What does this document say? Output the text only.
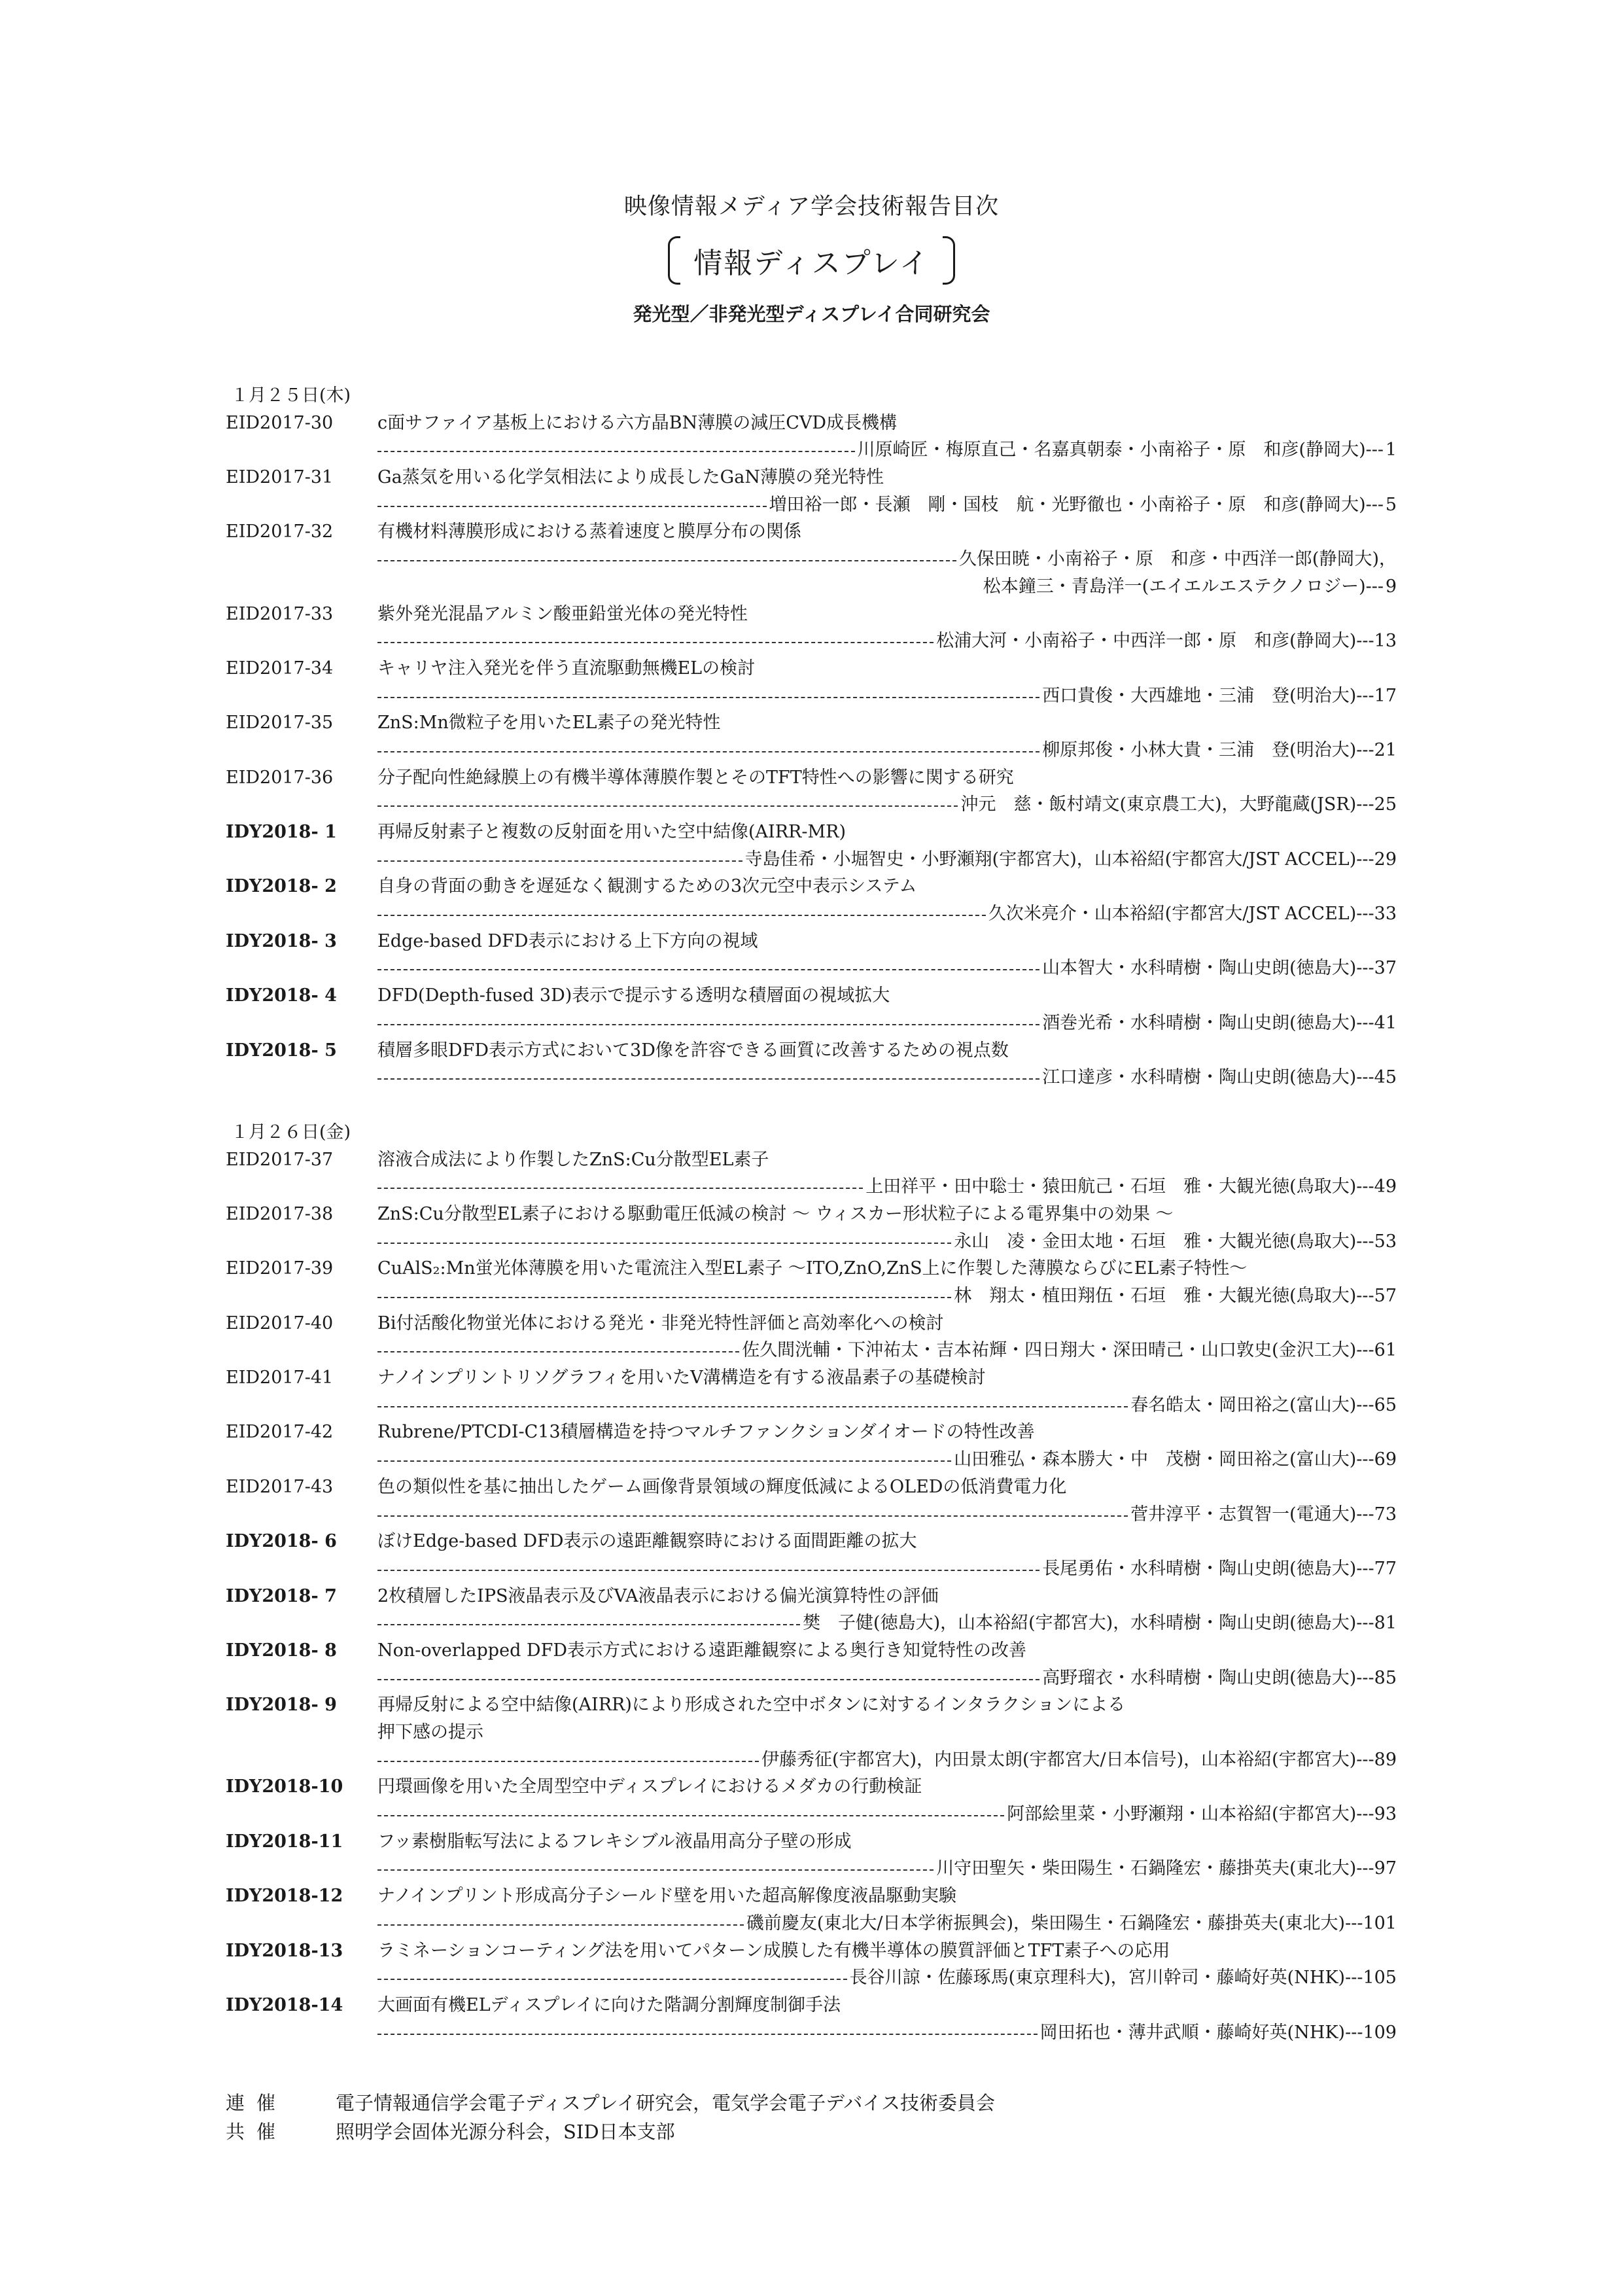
映像情報メディア学会技術報告目次
情報ディスプレイ
発光型／非発光型ディスプレイ合同研究会
１月２５日(木)
EID2017-30	c面サファイア基板上における六方晶BN薄膜の減圧CVD成長機構
川原崎匠・梅原直己・名嘉真朝泰・小南裕子・原　和彦(静岡大) --- 1
EID2017-31	Ga蒸気を用いる化学気相法により成長したGaN薄膜の発光特性
増田裕一郎・長瀬　剛・国枝　航・光野徹也・小南裕子・原　和彦(静岡大) --- 5
EID2017-32	有機材料薄膜形成における蒸着速度と膜厚分布の関係
久保田暁・小南裕子・原　和彦・中西洋一郎(静岡大)，
松本鐘三・青島洋一(エイエルエステクノロジー) --- 9
EID2017-33	紫外発光混晶アルミン酸亜鉛蛍光体の発光特性
松浦大河・小南裕子・中西洋一郎・原　和彦(静岡大) --- 13
EID2017-34	キャリヤ注入発光を伴う直流駆動無機ELの検討
西口貴俊・大西雄地・三浦　登(明治大) --- 17
EID2017-35	ZnS:Mn微粒子を用いたEL素子の発光特性
柳原邦俊・小林大貴・三浦　登(明治大) --- 21
EID2017-36	分子配向性絶縁膜上の有機半導体薄膜作製とそのTFT特性への影響に関する研究
沖元　慈・飯村靖文(東京農工大)，大野龍蔵(JSR) --- 25
IDY2018- 1	再帰反射素子と複数の反射面を用いた空中結像(AIRR-MR)
寺島佳希・小堀智史・小野瀬翔(宇都宮大)，山本裕紹(宇都宮大/JST ACCEL) --- 29
IDY2018- 2	自身の背面の動きを遅延なく観測するための3次元空中表示システム
久次米亮介・山本裕紹(宇都宮大/JST ACCEL) --- 33
IDY2018- 3	Edge-based DFD表示における上下方向の視域
山本智大・水科晴樹・陶山史朗(徳島大) --- 37
IDY2018- 4	DFD(Depth-fused 3D)表示で提示する透明な積層面の視域拡大
酒巻光希・水科晴樹・陶山史朗(徳島大) --- 41
IDY2018- 5	積層多眼DFD表示方式において3D像を許容できる画質に改善するための視点数
江口達彦・水科晴樹・陶山史朗(徳島大) --- 45
１月２６日(金)
EID2017-37	溶液合成法により作製したZnS:Cu分散型EL素子
上田祥平・田中聡士・猿田航己・石垣　雅・大観光徳(鳥取大) --- 49
EID2017-38	ZnS:Cu分散型EL素子における駆動電圧低減の検討 ～ ウィスカー形状粒子による電界集中の効果 ～
永山　凌・金田太地・石垣　雅・大観光徳(鳥取大) --- 53
EID2017-39	CuAlS₂:Mn蛍光体薄膜を用いた電流注入型EL素子 ～ITO,ZnO,ZnS上に作製した薄膜ならびにEL素子特性～
林　翔太・植田翔伍・石垣　雅・大観光徳(鳥取大) --- 57
EID2017-40	Bi付活酸化物蛍光体における発光・非発光特性評価と高効率化への検討
佐久間洸輔・下沖祐太・吉本祐輝・四日翔大・深田晴己・山口敦史(金沢工大) --- 61
EID2017-41	ナノインプリントリソグラフィを用いたV溝構造を有する液晶素子の基礎検討
春名皓太・岡田裕之(富山大) --- 65
EID2017-42	Rubrene/PTCDI-C13積層構造を持つマルチファンクションダイオードの特性改善
山田雅弘・森本勝大・中　茂樹・岡田裕之(富山大) --- 69
EID2017-43	色の類似性を基に抽出したゲーム画像背景領域の輝度低減によるOLEDの低消費電力化
菅井淳平・志賀智一(電通大) --- 73
IDY2018- 6	ぼけEdge-based DFD表示の遠距離観察時における面間距離の拡大
長尾勇佑・水科晴樹・陶山史朗(徳島大) --- 77
IDY2018- 7	2枚積層したIPS液晶表示及びVA液晶表示における偏光演算特性の評価
樊　子健(徳島大)，山本裕紹(宇都宮大)，水科晴樹・陶山史朗(徳島大) --- 81
IDY2018- 8	Non-overlapped DFD表示方式における遠距離観察による奥行き知覚特性の改善
高野瑠衣・水科晴樹・陶山史朗(徳島大) --- 85
IDY2018- 9	再帰反射による空中結像(AIRR)により形成された空中ボタンに対するインタラクションによる
押下感の提示
伊藤秀征(宇都宮大)，内田景太朗(宇都宮大/日本信号)，山本裕紹(宇都宮大) --- 89
IDY2018-10	円環画像を用いた全周型空中ディスプレイにおけるメダカの行動検証
阿部絵里菜・小野瀬翔・山本裕紹(宇都宮大) --- 93
IDY2018-11	フッ素樹脂転写法によるフレキシブル液晶用高分子壁の形成
川守田聖矢・柴田陽生・石鍋隆宏・藤掛英夫(東北大) --- 97
IDY2018-12	ナノインプリント形成高分子シールド壁を用いた超高解像度液晶駆動実験
磯前慶友(東北大/日本学術振興会)，柴田陽生・石鍋隆宏・藤掛英夫(東北大) --- 101
IDY2018-13	ラミネーションコーティング法を用いてパターン成膜した有機半導体の膜質評価とTFT素子への応用
長谷川諒・佐藤琢馬(東京理科大)，宮川幹司・藤崎好英(NHK) --- 105
IDY2018-14	大画面有機ELディスプレイに向けた階調分割輝度制御手法
岡田拓也・薄井武順・藤崎好英(NHK) --- 109
連催	電子情報通信学会電子ディスプレイ研究会，電気学会電子デバイス技術委員会
共催	照明学会固体光源分科会，SID日本支部
